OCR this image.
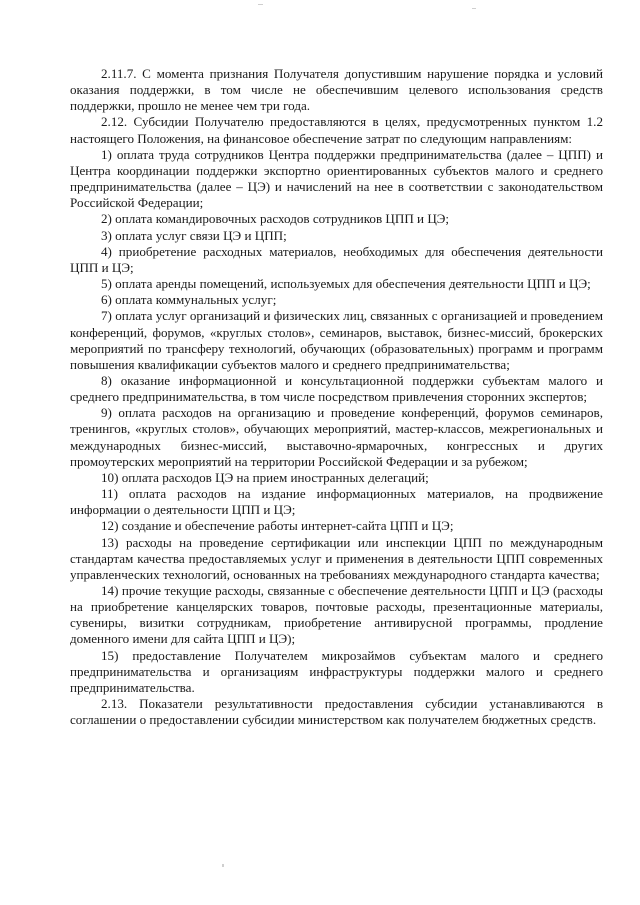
2.11.7. С момента признания Получателя допустившим нарушение порядка и условий оказания поддержки, в том числе не обеспечившим целевого использования средств поддержки, прошло не менее чем три года.

2.12. Субсидии Получателю предоставляются в целях, предусмотренных пунктом 1.2 настоящего Положения, на финансовое обеспечение затрат по следующим направлениям:

1) оплата труда сотрудников Центра поддержки предпринимательства (далее – ЦПП) и Центра координации поддержки экспортно ориентированных субъектов малого и среднего предпринимательства (далее – ЦЭ) и начислений на нее в соответствии с законодательством Российской Федерации;

2) оплата командировочных расходов сотрудников ЦПП и ЦЭ;

3) оплата услуг связи ЦЭ и ЦПП;

4) приобретение расходных материалов, необходимых для обеспечения деятельности ЦПП и ЦЭ;

5) оплата аренды помещений, используемых для обеспечения деятельности ЦПП и ЦЭ;

6) оплата коммунальных услуг;

7) оплата услуг организаций и физических лиц, связанных с организацией и проведением конференций, форумов, «круглых столов», семинаров, выставок, бизнес-миссий, брокерских мероприятий по трансферу технологий, обучающих (образовательных) программ и программ повышения квалификации субъектов малого и среднего предпринимательства;

8) оказание информационной и консультационной поддержки субъектам малого и среднего предпринимательства, в том числе посредством привлечения сторонних экспертов;

9) оплата расходов на организацию и проведение конференций, форумов семинаров, тренингов, «круглых столов», обучающих мероприятий, мастер-классов, межрегиональных и международных бизнес-миссий, выставочно-ярмарочных, конгрессных и других промоутерских мероприятий на территории Российской Федерации и за рубежом;

10) оплата расходов ЦЭ на прием иностранных делегаций;

11) оплата расходов на издание информационных материалов, на продвижение информации о деятельности ЦПП и ЦЭ;

12) создание и обеспечение работы интернет-сайта ЦПП и ЦЭ;

13) расходы на проведение сертификации или инспекции ЦПП по международным стандартам качества предоставляемых услуг и применения в деятельности ЦПП современных управленческих технологий, основанных на требованиях международного стандарта качества;

14) прочие текущие расходы, связанные с обеспечение деятельности ЦПП и ЦЭ (расходы на приобретение канцелярских товаров, почтовые расходы, презентационные материалы, сувениры, визитки сотрудникам, приобретение антивирусной программы, продление доменного имени для сайта ЦПП и ЦЭ);

15) предоставление Получателем микрозаймов субъектам малого и среднего предпринимательства и организациям инфраструктуры поддержки малого и среднего предпринимательства.

2.13. Показатели результативности предоставления субсидии устанавливаются в соглашении о предоставлении субсидии министерством как получателем бюджетных средств.
